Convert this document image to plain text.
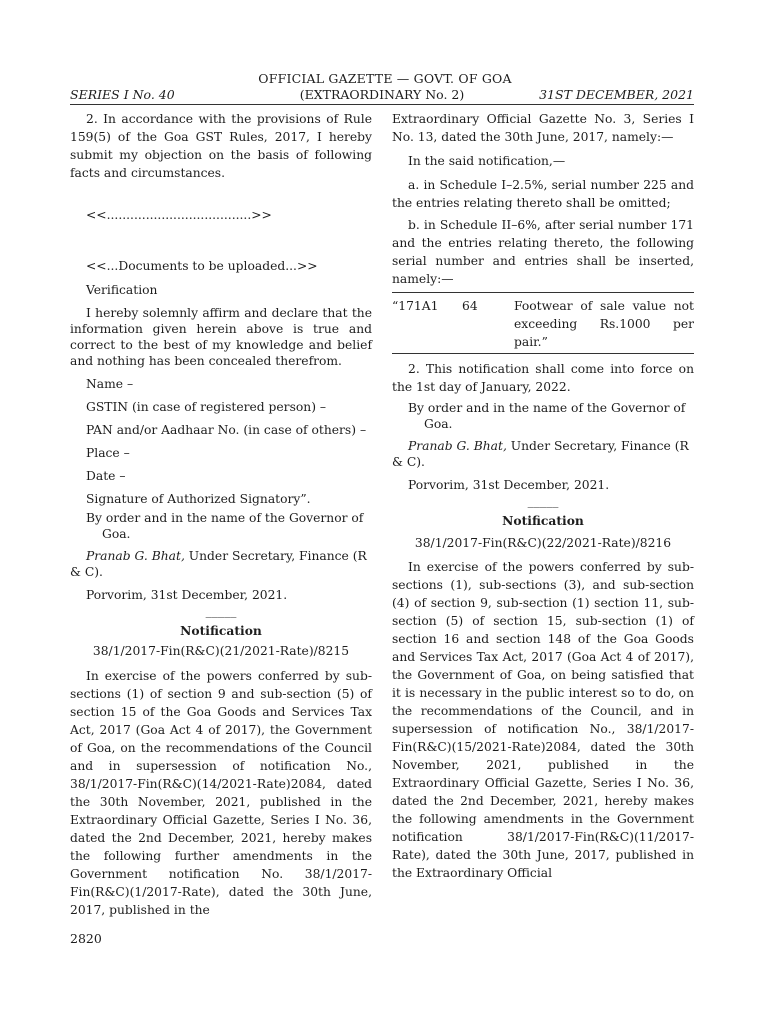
OFFICIAL GAZETTE — GOVT. OF GOA
SERIES I No. 40	(EXTRAORDINARY No. 2)	31ST DECEMBER, 2021

2. In accordance with the provisions of Rule 159(5) of the Goa GST Rules, 2017, I hereby submit my objection on the basis of following facts and circumstances.

<<.....................................>>

<<...Documents to be uploaded...>>

Verification

I hereby solemnly affirm and declare that the information given herein above is true and correct to the best of my knowledge and belief and nothing has been concealed therefrom.

Name –

GSTIN (in case of registered person) –

PAN and/or Aadhaar No. (in case of others) –

Place –

Date –

Signature of Authorized Signatory”.

By order and in the name of the Governor of Goa.

Pranab G. Bhat, Under Secretary, Finance (R & C).

Porvorim, 31st December, 2021.

_____

Notification

38/1/2017-Fin(R&C)(21/2021-Rate)/8215

In exercise of the powers conferred by sub-sections (1) of section 9 and sub-section (5) of section 15 of the Goa Goods and Services Tax Act, 2017 (Goa Act 4 of 2017), the Government of Goa, on the recommendations of the Council and in supersession of notification No., 38/1/2017-Fin(R&C)(14/2021-Rate)2084, dated the 30th November, 2021, published in the Extraordinary Official Gazette, Series I No. 36, dated the 2nd December, 2021, hereby makes the following further amendments in the Government notification No. 38/1/2017-Fin(R&C)(1/2017-Rate), dated the 30th June, 2017, published in the

Extraordinary Official Gazette No. 3, Series I No. 13, dated the 30th June, 2017, namely:—

In the said notification,—

a. in Schedule I–2.5%, serial number 225 and the entries relating thereto shall be omitted;

b. in Schedule II–6%, after serial number 171 and the entries relating thereto, the following serial number and entries shall be inserted, namely:—

“171A1	64	Footwear of sale value not exceeding Rs.1000 per pair.”

2. This notification shall come into force on the 1st day of January, 2022.

By order and in the name of the Governor of Goa.

Pranab G. Bhat, Under Secretary, Finance (R & C).

Porvorim, 31st December, 2021.

_____

Notification

38/1/2017-Fin(R&C)(22/2021-Rate)/8216

In exercise of the powers conferred by sub-sections (1), sub-sections (3), and sub-section (4) of section 9, sub-section (1) section 11, sub-section (5) of section 15, sub-section (1) of section 16 and section 148 of the Goa Goods and Services Tax Act, 2017 (Goa Act 4 of 2017), the Government of Goa, on being satisfied that it is necessary in the public interest so to do, on the recommendations of the Council, and in supersession of notification No., 38/1/2017-Fin(R&C)(15/2021-Rate)2084, dated the 30th November, 2021, published in the Extraordinary Official Gazette, Series I No. 36, dated the 2nd December, 2021, hereby makes the following amendments in the Government notification 38/1/2017-Fin(R&C)(11/2017- Rate), dated the 30th June, 2017, published in the Extraordinary Official

2820
